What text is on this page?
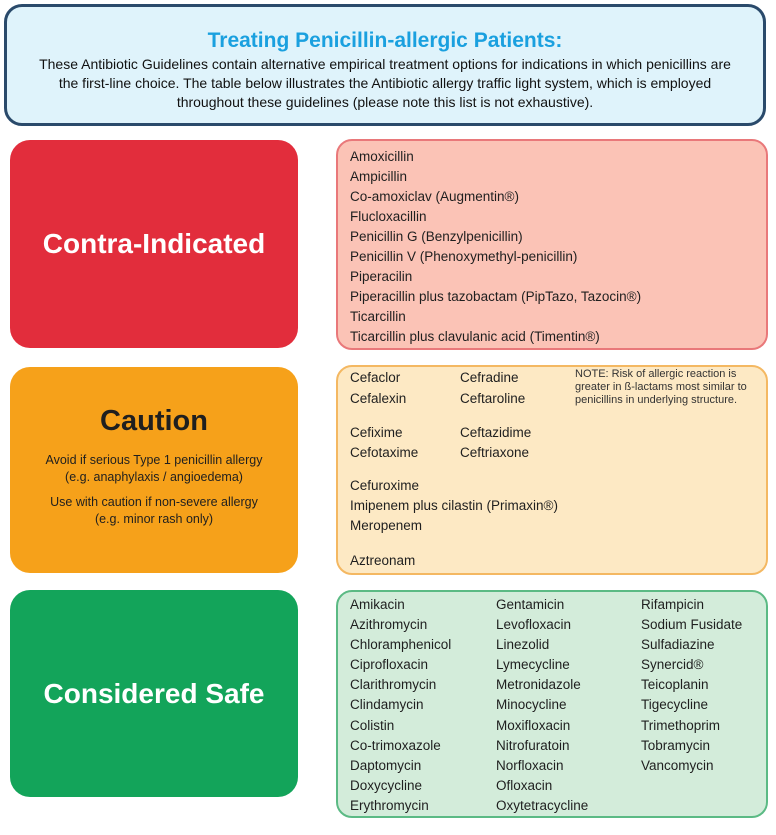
Treating Penicillin-allergic Patients:
These Antibiotic Guidelines contain alternative empirical treatment options for indications in which penicillins are the first-line choice. The table below illustrates the Antibiotic allergy traffic light system, which is employed throughout these guidelines (please note this list is not exhaustive).
Contra-Indicated
Amoxicillin
Ampicillin
Co-amoxiclav (Augmentin®)
Flucloxacillin
Penicillin G (Benzylpenicillin)
Penicillin V (Phenoxymethyl-penicillin)
Piperacilin
Piperacillin plus tazobactam (PipTazo, Tazocin®)
Ticarcillin
Ticarcillin plus clavulanic acid (Timentin®)
Caution
Avoid if serious Type 1 penicillin allergy
(e.g. anaphylaxis / angioedema)
Use with caution if non-severe allergy
(e.g. minor rash only)
Cefaclor	Cefradine
Cefalexin	Ceftaroline
Cefixime	Ceftazidime
Cefotaxime	Ceftriaxone
Cefuroxime
Imipenem plus cilastin (Primaxin®)
Meropenem
Aztreonam
NOTE: Risk of allergic reaction is greater in ß-lactams most similar to penicillins in underlying structure.
Considered Safe
Amikacin
Azithromycin
Chloramphenicol
Ciprofloxacin
Clarithromycin
Clindamycin
Colistin
Co-trimoxazole
Daptomycin
Doxycycline
Erythromycin
Gentamicin
Levofloxacin
Linezolid
Lymecycline
Metronidazole
Minocycline
Moxifloxacin
Nitrofuratoin
Norfloxacin
Ofloxacin
Oxytetracycline
Rifampicin
Sodium Fusidate
Sulfadiazine
Synercid®
Teicoplanin
Tigecycline
Trimethoprim
Tobramycin
Vancomycin
